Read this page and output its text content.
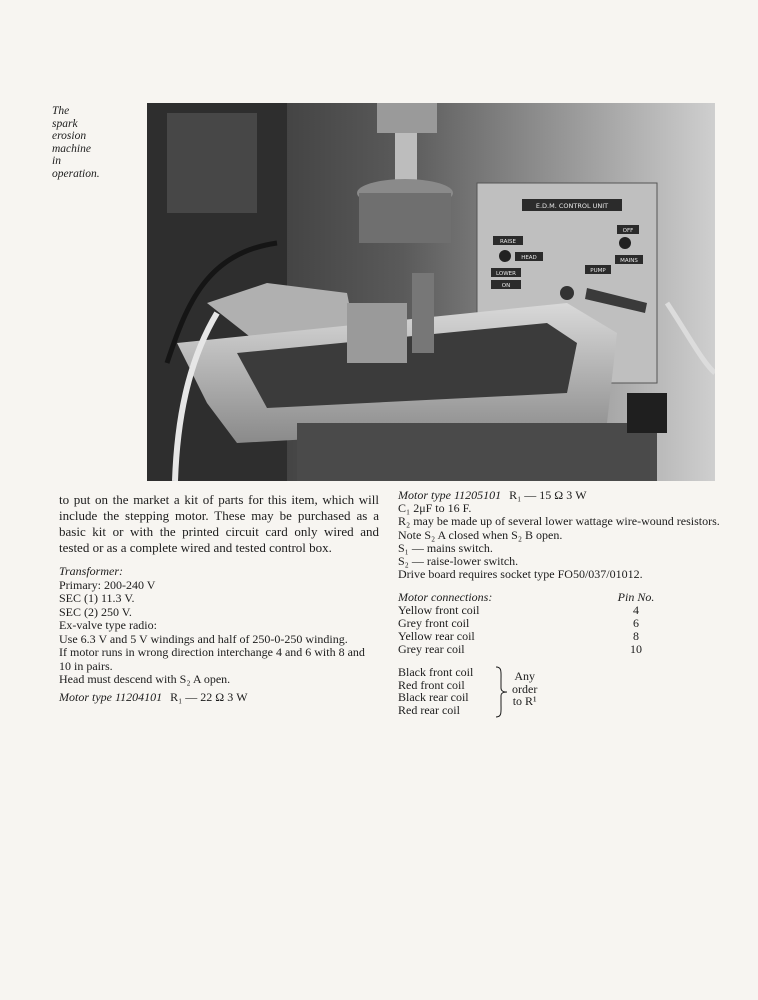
The
spark
erosion
machine
in
operation.
E.D.M. CONTROL UNIT
RAISE
HEAD
LOWER
ON
OFF
PUMP
MAINS

to put on the market a kit of parts for this item, which will include the stepping motor. These may be purchased as a basic kit or with the printed circuit card only wired and tested or as a complete wired and tested control box.

Transformer:
Primary: 200-240 V
SEC (1) 11.3 V.
SEC (2) 250 V.
Ex-valve type radio:
Use 6.3 V and 5 V windings and half of 250-0-250 winding.
If motor runs in wrong direction interchange 4 and 6 with 8 and 10 in pairs.
Head must descend with S₂ A open.
Motor type 11204101 R₁ — 22 Ω 3 W
Motor type 11205101 R₁ — 15 Ω 3 W
C₁ 2μF to 16 F.
R₂ may be made up of several lower wattage wire-wound resistors.
Note S₂ A closed when S₂ B open.
S₁ — mains switch.
S₂ — raise-lower switch.
Drive board requires socket type FO50/037/01012.
Motor connections:	Pin No.
Yellow front coil	4
Grey front coil	6
Yellow rear coil	8
Grey rear coil	10
Black front coil
Red front coil
Black rear coil
Red rear coil
Any
order
to R¹
